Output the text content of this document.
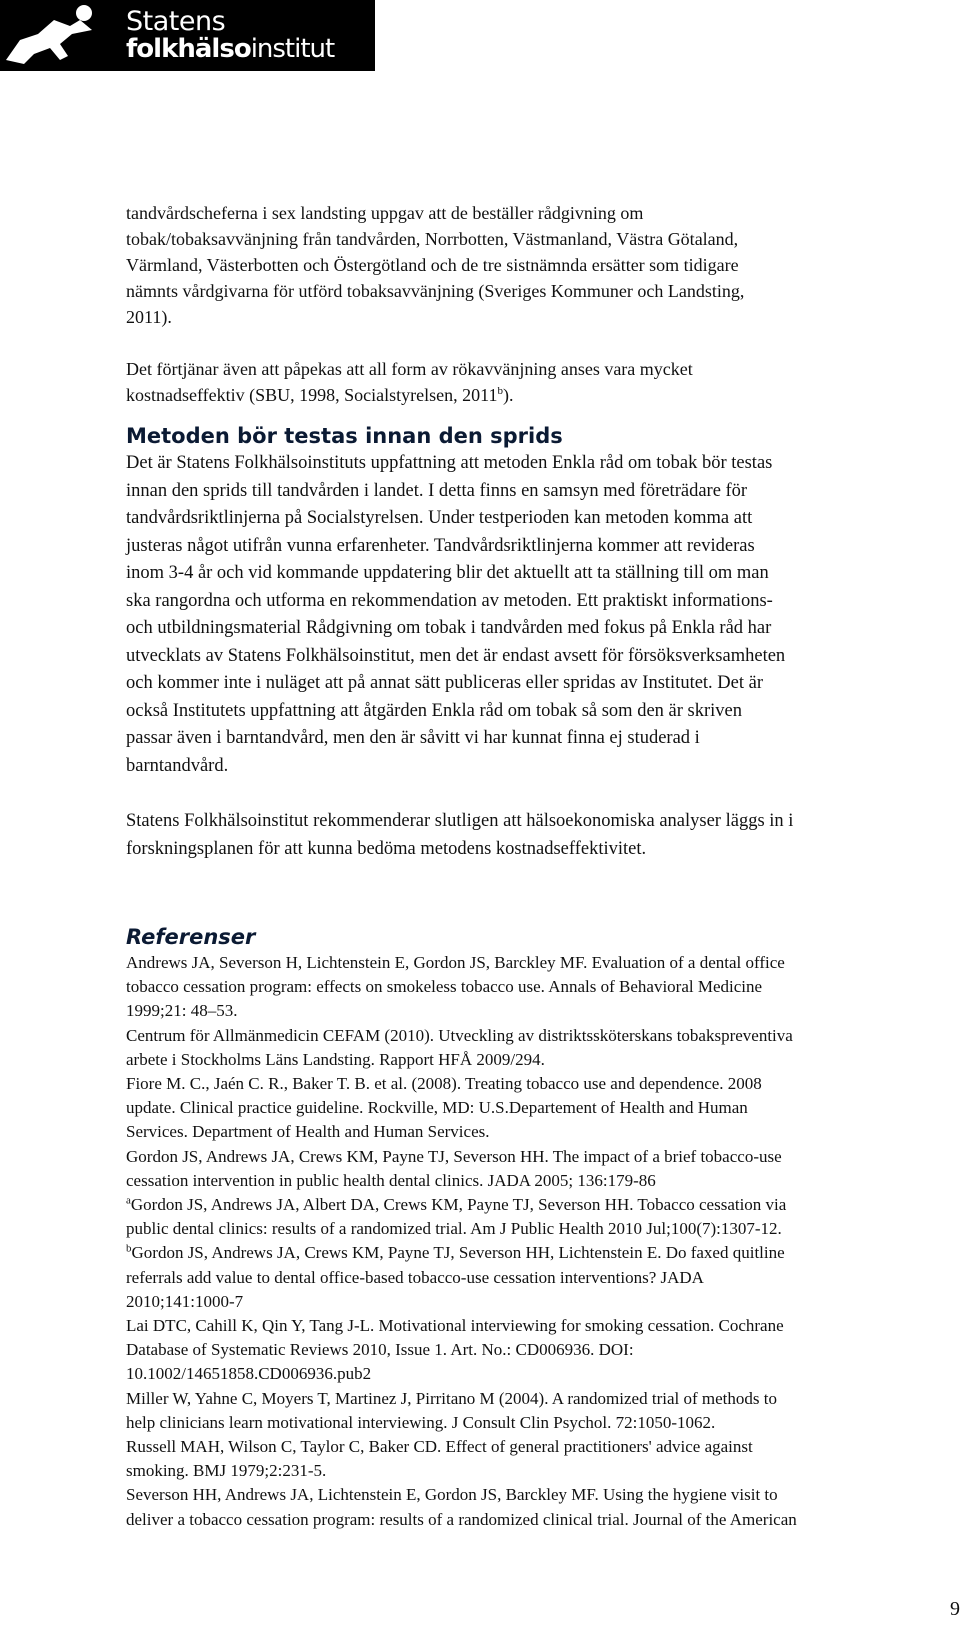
Statens
folkhälsoinstitut

tandvårdscheferna i sex landsting uppgav att de beställer rådgivning om
tobak/tobaksavvänjning från tandvården, Norrbotten, Västmanland, Västra Götaland,
Värmland, Västerbotten och Östergötland och de tre sistnämnda ersätter som tidigare
nämnts vårdgivarna för utförd tobaksavvänjning (Sveriges Kommuner och Landsting,
2011).

Det förtjänar även att påpekas att all form av rökavvänjning anses vara mycket
kostnadseffektiv (SBU, 1998, Socialstyrelsen, 2011$^b$).

Metoden bör testas innan den sprids

Det är Statens Folkhälsoinstituts uppfattning att metoden Enkla råd om tobak bör testas
innan den sprids till tandvården i landet. I detta finns en samsyn med företrädare för
tandvårdsriktlinjerna på Socialstyrelsen. Under testperioden kan metoden komma att
justeras något utifrån vunna erfarenheter. Tandvårdsriktlinjerna kommer att revideras
inom 3-4 år och vid kommande uppdatering blir det aktuellt att ta ställning till om man
ska rangordna och utforma en rekommendation av metoden. Ett praktiskt informations-
och utbildningsmaterial Rådgivning om tobak i tandvården med fokus på Enkla råd har
utvecklats av Statens Folkhälsoinstitut, men det är endast avsett för försöksverksamheten
och kommer inte i nuläget att på annat sätt publiceras eller spridas av Institutet. Det är
också Institutets uppfattning att åtgärden Enkla råd om tobak så som den är skriven
passar även i barntandvård, men den är såvitt vi har kunnat finna ej studerad i
barntandvård.

Statens Folkhälsoinstitut rekommenderar slutligen att hälsoekonomiska analyser läggs in i
forskningsplanen för att kunna bedöma metodens kostnadseffektivitet.

Referenser
Andrews JA, Severson H, Lichtenstein E, Gordon JS, Barckley MF. Evaluation of a dental office
tobacco cessation program: effects on smokeless tobacco use. Annals of Behavioral Medicine
1999;21: 48–53.
Centrum för Allmänmedicin CEFAM (2010). Utveckling av distriktssköterskans tobakspreventiva
arbete i Stockholms Läns Landsting. Rapport HFÅ 2009/294.
Fiore M. C., Jaén C. R., Baker T. B. et al. (2008). Treating tobacco use and dependence. 2008
update. Clinical practice guideline. Rockville, MD: U.S.Departement of Health and Human
Services. Department of Health and Human Services.
Gordon JS, Andrews JA, Crews KM, Payne TJ, Severson HH. The impact of a brief tobacco-use
cessation intervention in public health dental clinics. JADA 2005; 136:179-86
$^a$Gordon JS, Andrews JA, Albert DA, Crews KM, Payne TJ, Severson HH. Tobacco cessation via
public dental clinics: results of a randomized trial. Am J Public Health 2010 Jul;100(7):1307-12.
$^b$Gordon JS, Andrews JA, Crews KM, Payne TJ, Severson HH, Lichtenstein E. Do faxed quitline
referrals add value to dental office-based tobacco-use cessation interventions? JADA
2010;141:1000-7
Lai DTC, Cahill K, Qin Y, Tang J-L. Motivational interviewing for smoking cessation. Cochrane
Database of Systematic Reviews 2010, Issue 1. Art. No.: CD006936. DOI:
10.1002/14651858.CD006936.pub2
Miller W, Yahne C, Moyers T, Martinez J, Pirritano M (2004). A randomized trial of methods to
help clinicians learn motivational interviewing. J Consult Clin Psychol. 72:1050-1062.
Russell MAH, Wilson C, Taylor C, Baker CD. Effect of general practitioners' advice against
smoking. BMJ 1979;2:231-5.
Severson HH, Andrews JA, Lichtenstein E, Gordon JS, Barckley MF. Using the hygiene visit to
deliver a tobacco cessation program: results of a randomized clinical trial. Journal of the American
9
